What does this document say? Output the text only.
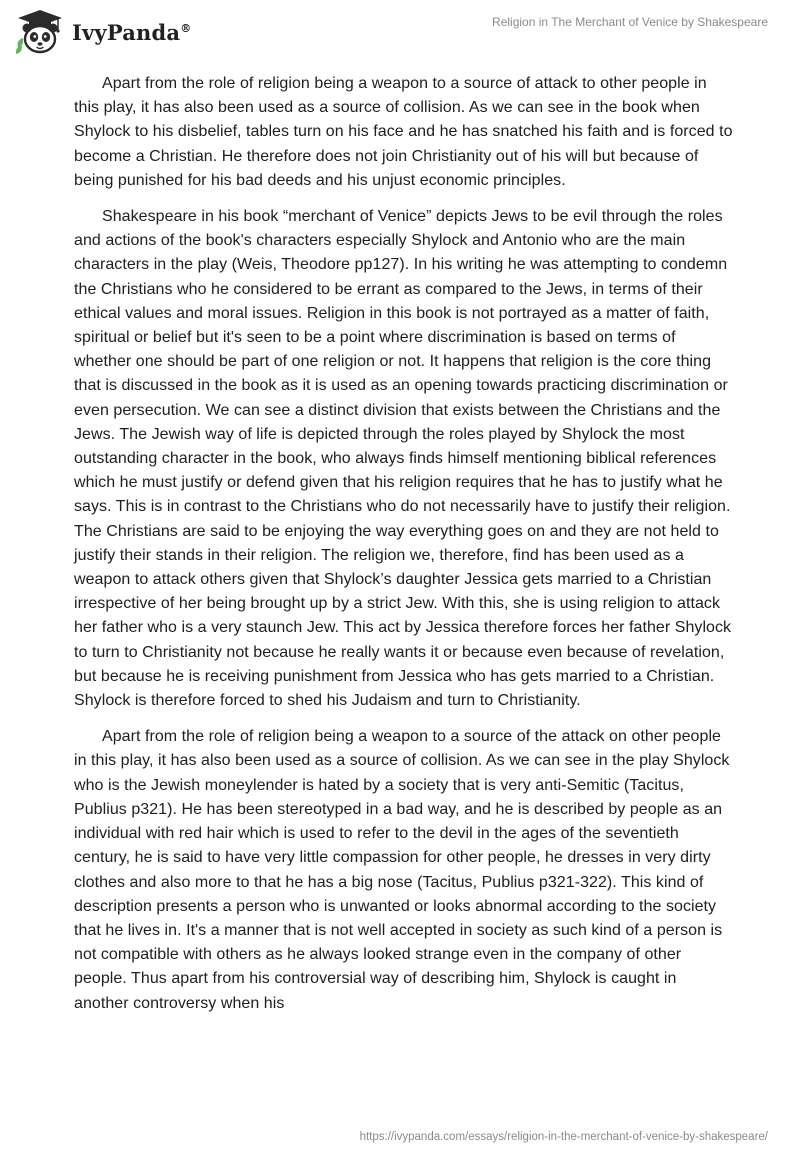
IvyPanda®	Religion in The Merchant of Venice by Shakespeare

Apart from the role of religion being a weapon to a source of attack to other people in this play, it has also been used as a source of collision. As we can see in the book when Shylock to his disbelief, tables turn on his face and he has snatched his faith and is forced to become a Christian. He therefore does not join Christianity out of his will but because of being punished for his bad deeds and his unjust economic principles.

Shakespeare in his book “merchant of Venice” depicts Jews to be evil through the roles and actions of the book's characters especially Shylock and Antonio who are the main characters in the play (Weis, Theodore pp127). In his writing he was attempting to condemn the Christians who he considered to be errant as compared to the Jews, in terms of their ethical values and moral issues. Religion in this book is not portrayed as a matter of faith, spiritual or belief but it's seen to be a point where discrimination is based on terms of whether one should be part of one religion or not. It happens that religion is the core thing that is discussed in the book as it is used as an opening towards practicing discrimination or even persecution. We can see a distinct division that exists between the Christians and the Jews. The Jewish way of life is depicted through the roles played by Shylock the most outstanding character in the book, who always finds himself mentioning biblical references which he must justify or defend given that his religion requires that he has to justify what he says. This is in contrast to the Christians who do not necessarily have to justify their religion. The Christians are said to be enjoying the way everything goes on and they are not held to justify their stands in their religion. The religion we, therefore, find has been used as a weapon to attack others given that Shylock’s daughter Jessica gets married to a Christian irrespective of her being brought up by a strict Jew. With this, she is using religion to attack her father who is a very staunch Jew. This act by Jessica therefore forces her father Shylock to turn to Christianity not because he really wants it or because even because of revelation, but because he is receiving punishment from Jessica who has gets married to a Christian. Shylock is therefore forced to shed his Judaism and turn to Christianity.

Apart from the role of religion being a weapon to a source of the attack on other people in this play, it has also been used as a source of collision. As we can see in the play Shylock who is the Jewish moneylender is hated by a society that is very anti-Semitic (Tacitus, Publius p321). He has been stereotyped in a bad way, and he is described by people as an individual with red hair which is used to refer to the devil in the ages of the seventieth century, he is said to have very little compassion for other people, he dresses in very dirty clothes and also more to that he has a big nose (Tacitus, Publius p321-322). This kind of description presents a person who is unwanted or looks abnormal according to the society that he lives in. It's a manner that is not well accepted in society as such kind of a person is not compatible with others as he always looked strange even in the company of other people. Thus apart from his controversial way of describing him, Shylock is caught in another controversy when his

https://ivypanda.com/essays/religion-in-the-merchant-of-venice-by-shakespeare/
